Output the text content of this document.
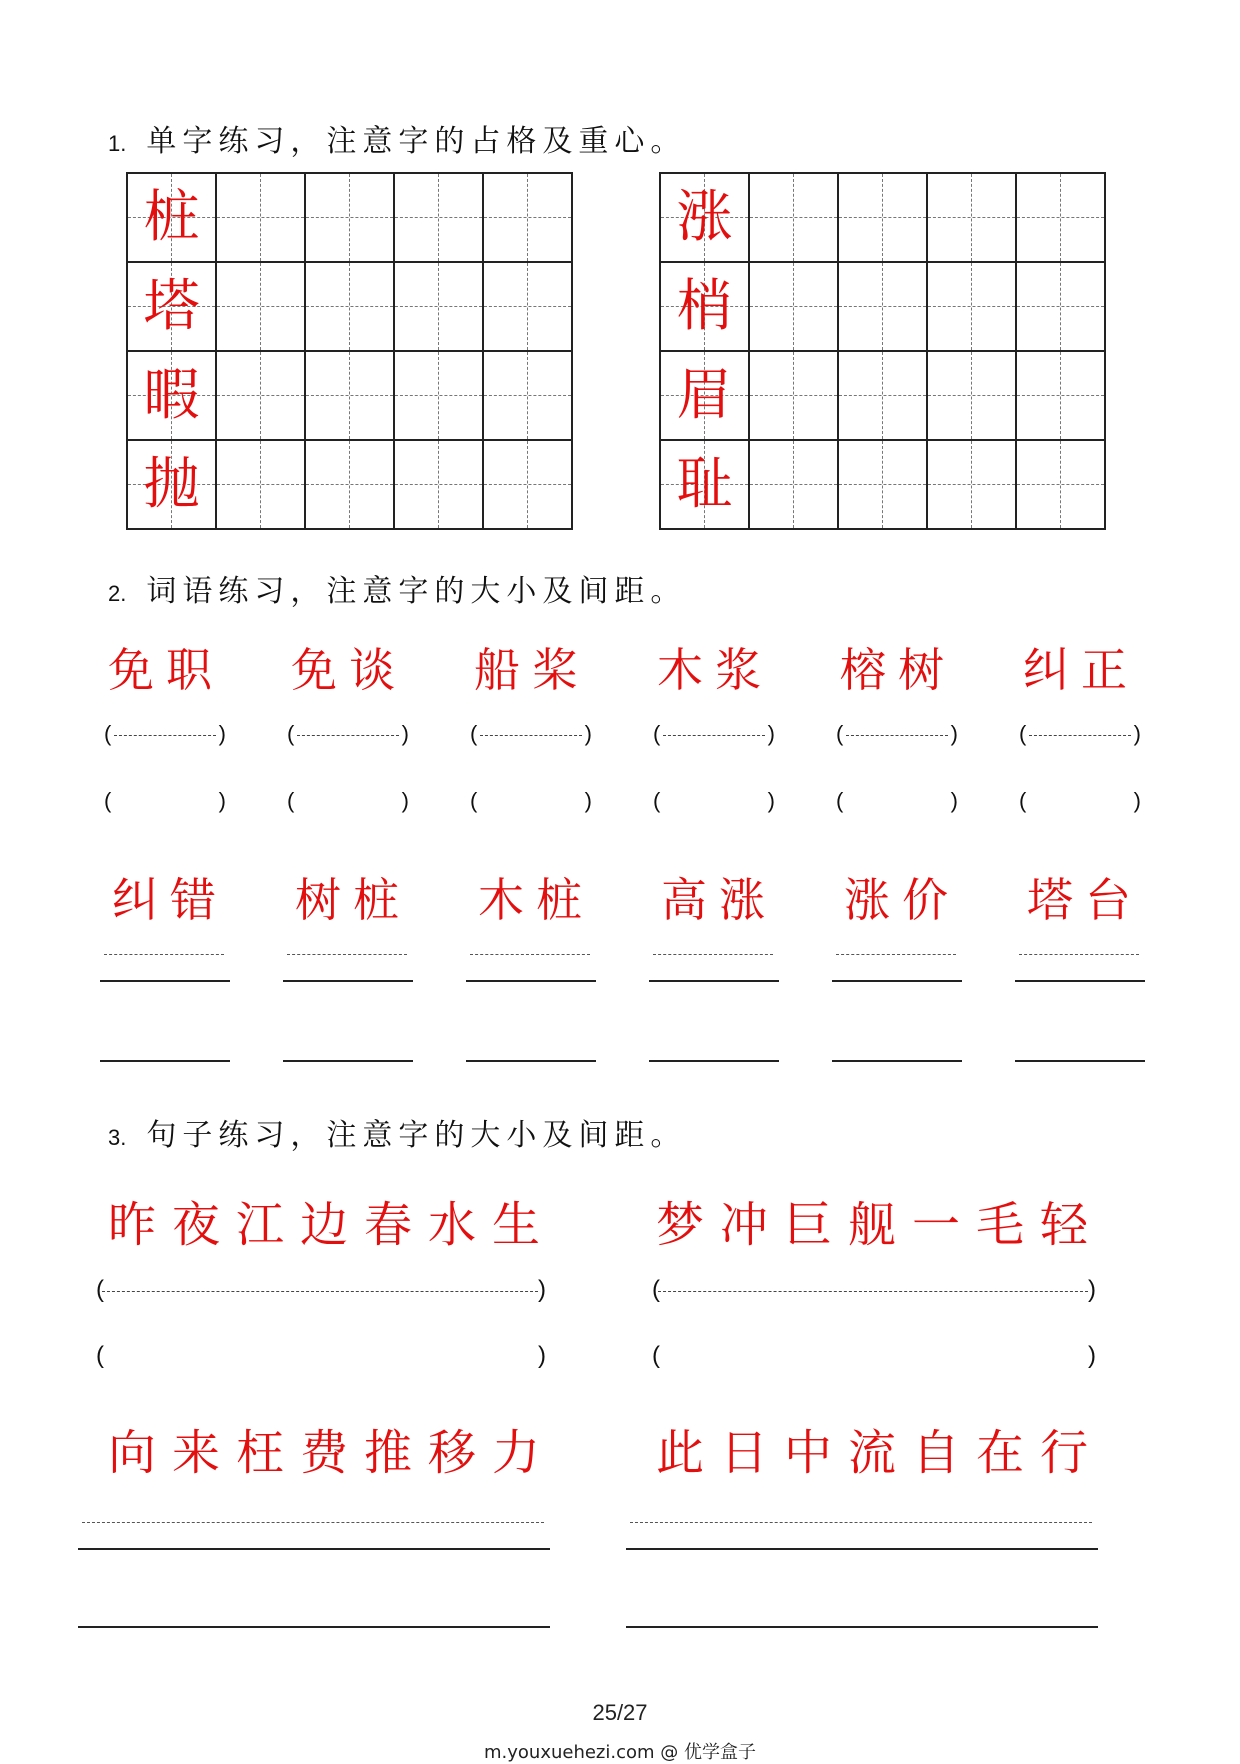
1. 单字练习，注意字的占格及重心。
桩
塔
暇
抛
涨
梢
眉
耻
2. 词语练习，注意字的大小及间距。
免职
(	)
(	)
免谈
(	)
(	)
船桨
(	)
(	)
木浆
(	)
(	)
榕树
(	)
(	)
纠正
(	)
(	)
纠错 树桩 木桩 高涨 涨价 塔台
3. 句子练习，注意字的大小及间距。
昨夜江边春水生 梦冲巨舰一毛轻
(	)	(	)
(	)	(	)
向来枉费推移力 此日中流自在行
25/27
m.youxuehezi.com @ 优学盒子
